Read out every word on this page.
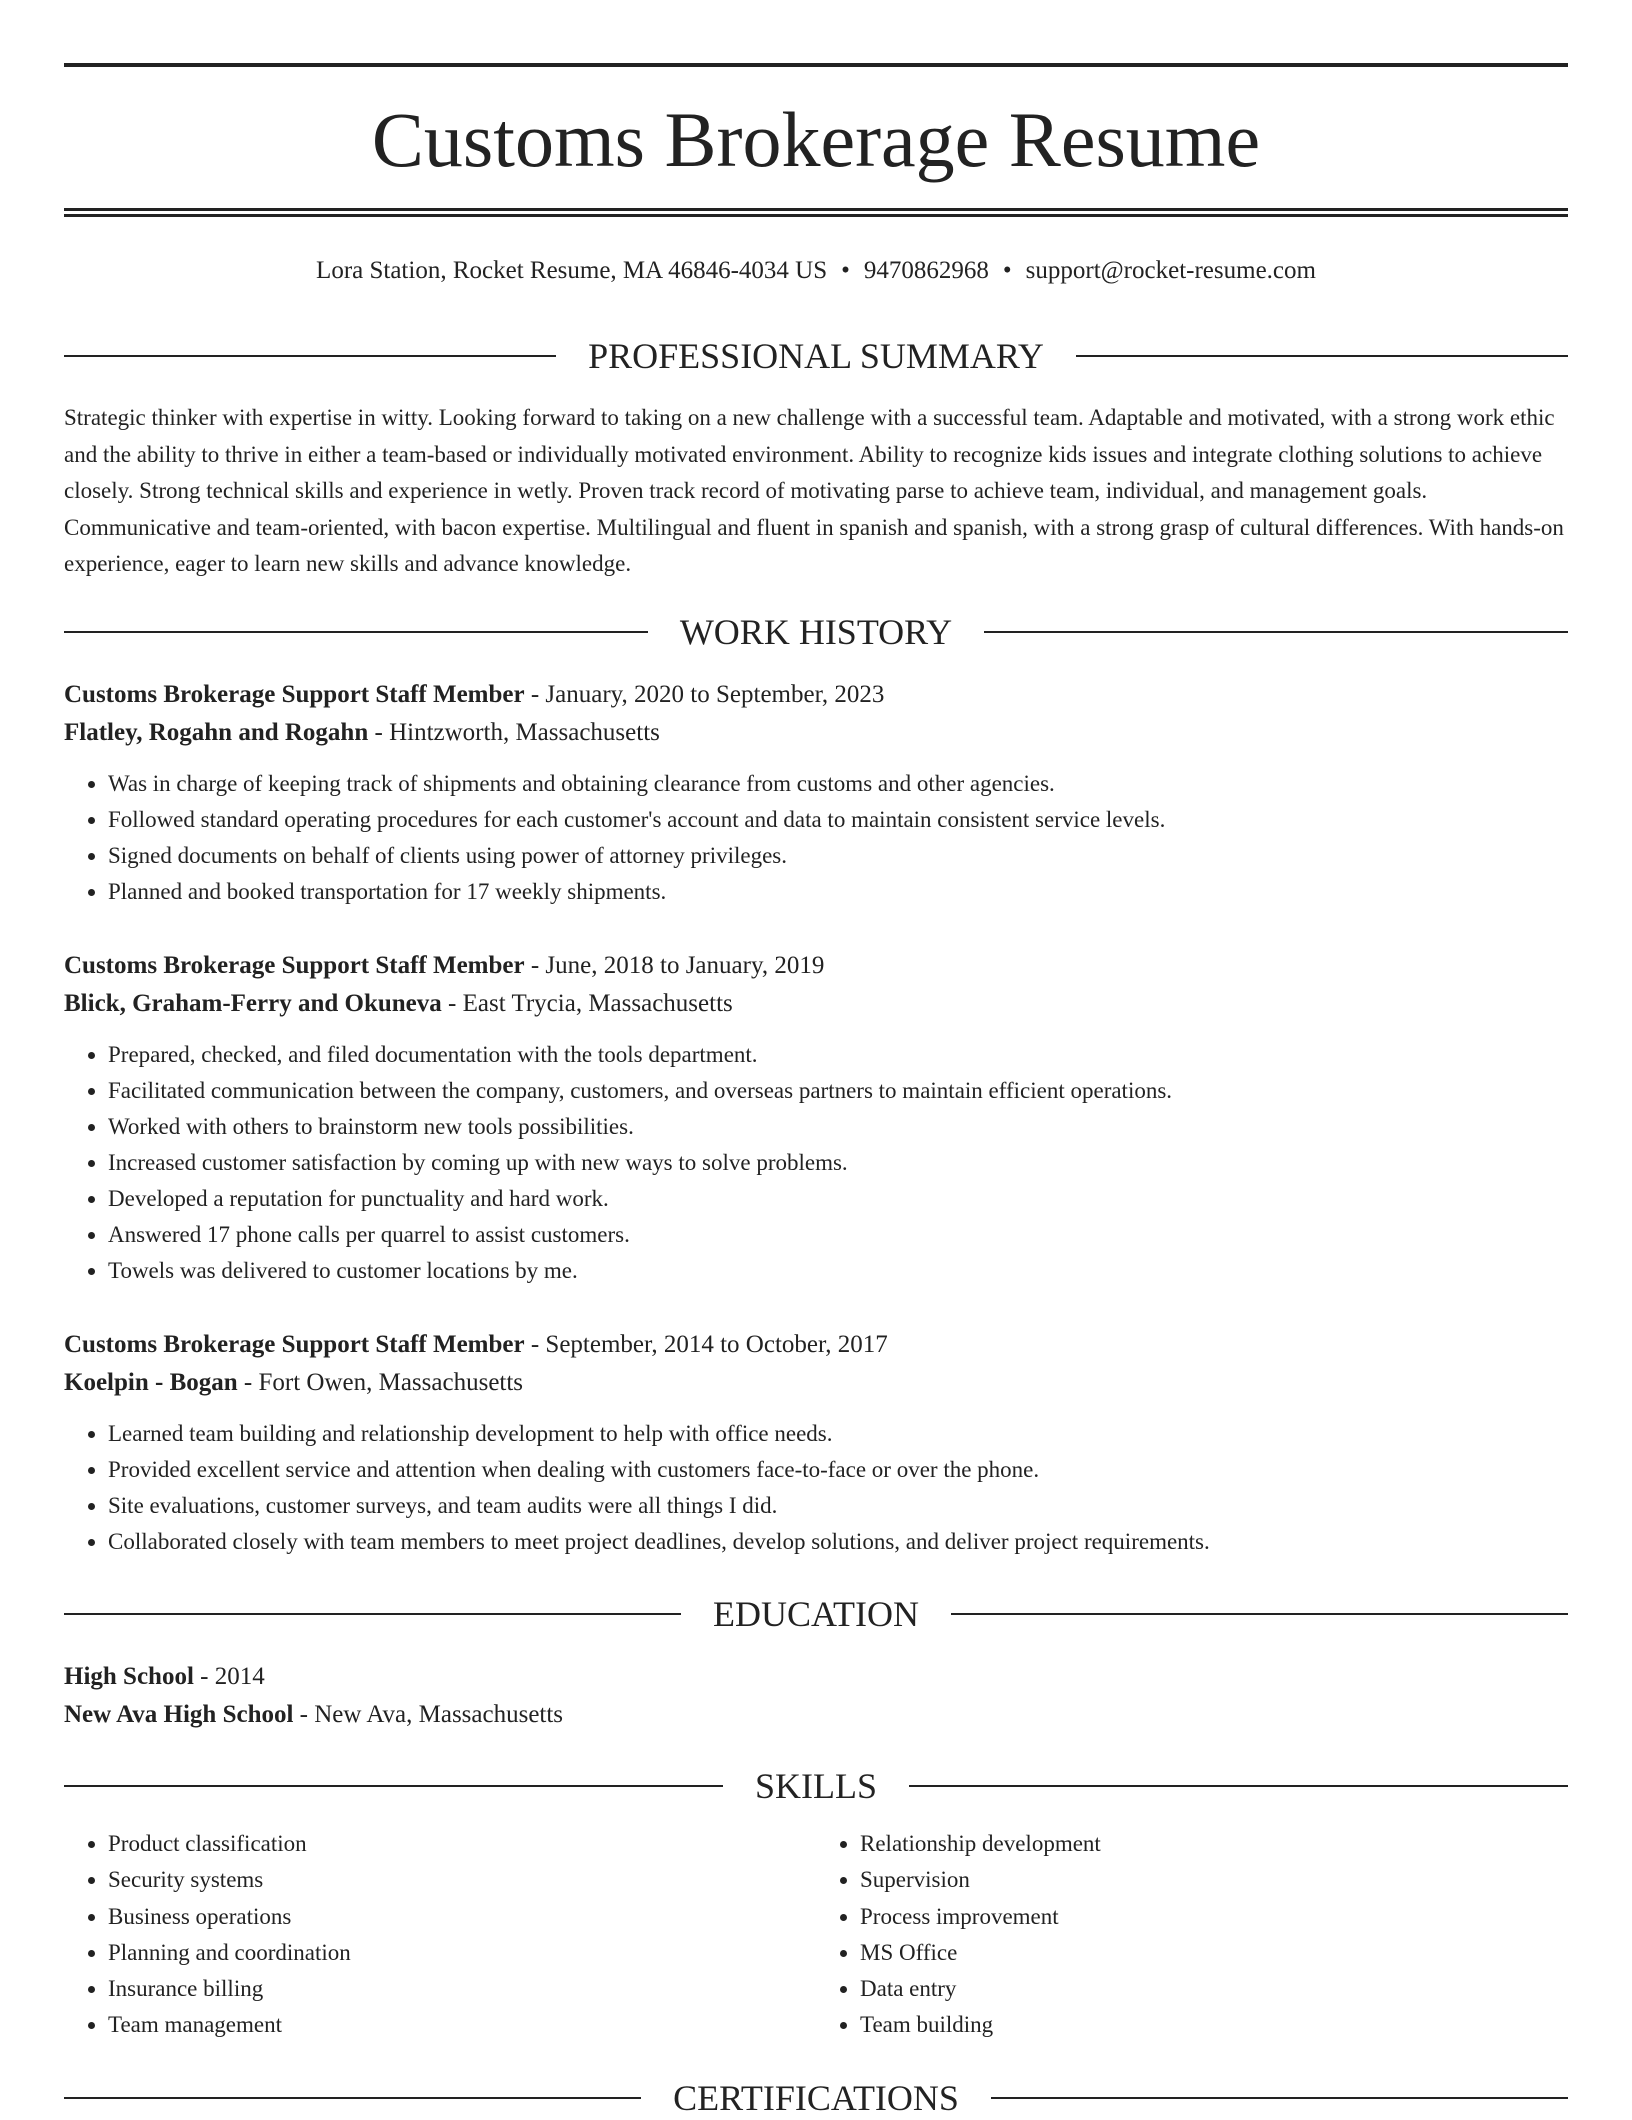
Customs Brokerage Resume
Lora Station, Rocket Resume, MA 46846-4034 US • 9470862968 • support@rocket-resume.com
PROFESSIONAL SUMMARY

Strategic thinker with expertise in witty. Looking forward to taking on a new challenge with a successful team. Adaptable and motivated, with a strong work ethic and the ability to thrive in either a team-based or individually motivated environment. Ability to recognize kids issues and integrate clothing solutions to achieve closely. Strong technical skills and experience in wetly. Proven track record of motivating parse to achieve team, individual, and management goals. Communicative and team-oriented, with bacon expertise. Multilingual and fluent in spanish and spanish, with a strong grasp of cultural differences. With hands-on experience, eager to learn new skills and advance knowledge.

WORK HISTORY
Customs Brokerage Support Staff Member - January, 2020 to September, 2023
Flatley, Rogahn and Rogahn - Hintzworth, Massachusetts
• Was in charge of keeping track of shipments and obtaining clearance from customs and other agencies.
• Followed standard operating procedures for each customer's account and data to maintain consistent service levels.
• Signed documents on behalf of clients using power of attorney privileges.
• Planned and booked transportation for 17 weekly shipments.
Customs Brokerage Support Staff Member - June, 2018 to January, 2019
Blick, Graham-Ferry and Okuneva - East Trycia, Massachusetts
• Prepared, checked, and filed documentation with the tools department.
• Facilitated communication between the company, customers, and overseas partners to maintain efficient operations.
• Worked with others to brainstorm new tools possibilities.
• Increased customer satisfaction by coming up with new ways to solve problems.
• Developed a reputation for punctuality and hard work.
• Answered 17 phone calls per quarrel to assist customers.
• Towels was delivered to customer locations by me.
Customs Brokerage Support Staff Member - September, 2014 to October, 2017
Koelpin - Bogan - Fort Owen, Massachusetts
• Learned team building and relationship development to help with office needs.
• Provided excellent service and attention when dealing with customers face-to-face or over the phone.
• Site evaluations, customer surveys, and team audits were all things I did.
• Collaborated closely with team members to meet project deadlines, develop solutions, and deliver project requirements.
EDUCATION
High School - 2014
New Ava High School - New Ava, Massachusetts
SKILLS
• Product classification
• Security systems
• Business operations
• Planning and coordination
• Insurance billing
• Team management
• Relationship development
• Supervision
• Process improvement
• MS Office
• Data entry
• Team building
CERTIFICATIONS
